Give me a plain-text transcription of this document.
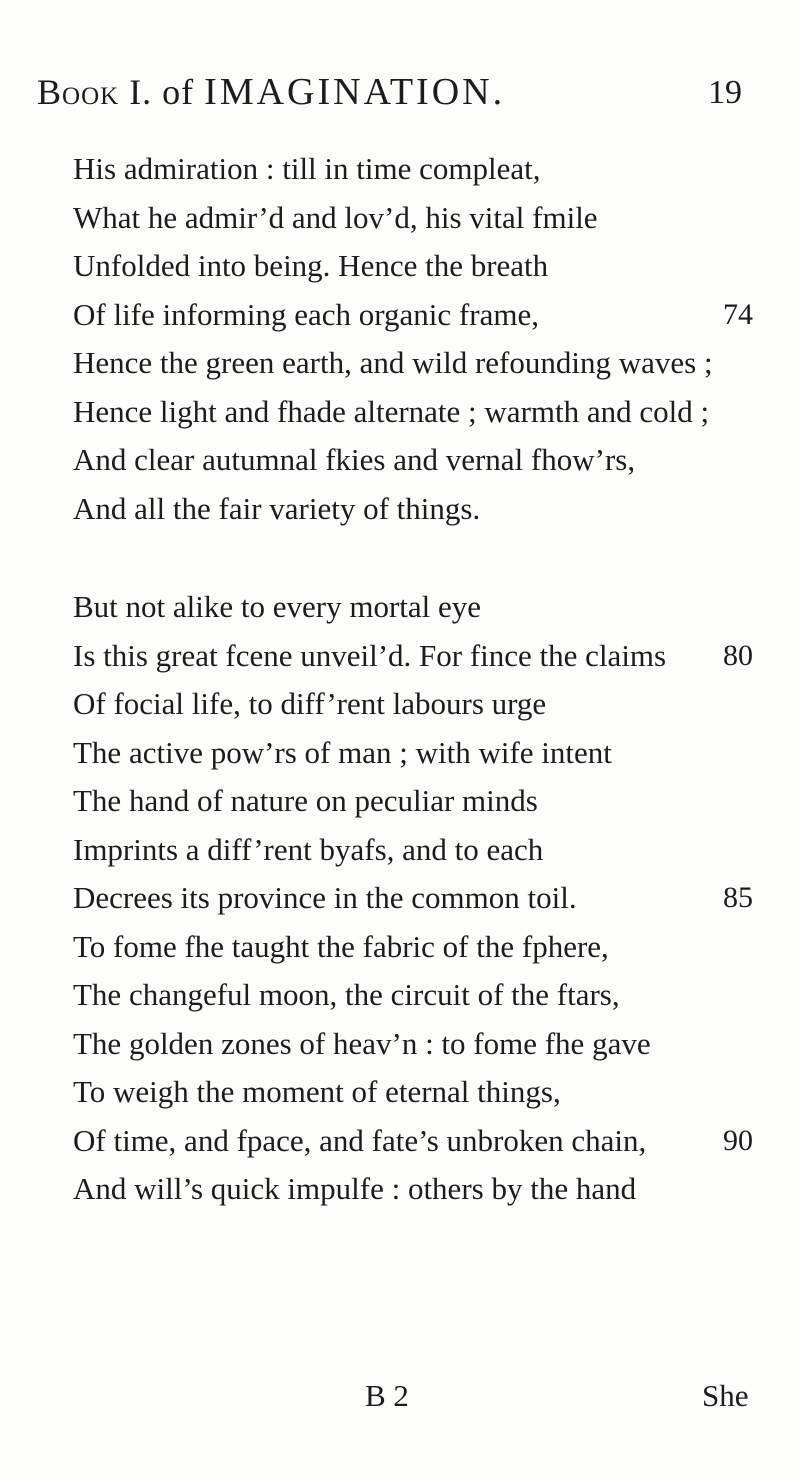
Book I. of IMAGINATION.	19
His admiration : till in time compleat,
What he admir’d and lov’d, his vital fmile
Unfolded into being. Hence the breath
Of life informing each organic frame,	74
Hence the green earth, and wild refounding waves ;
Hence light and fhade alternate ; warmth and cold ;
And clear autumnal fkies and vernal fhow’rs,
And all the fair variety of things.
But not alike to every mortal eye
Is this great fcene unveil’d. For fince the claims 80
Of focial life, to diff’rent labours urge
The active pow’rs of man ; with wife intent
The hand of nature on peculiar minds
Imprints a diff’rent byafs, and to each
Decrees its province in the common toil.	85
To fome fhe taught the fabric of the fphere,
The changeful moon, the circuit of the ftars,
The golden zones of heav’n : to fome fhe gave
To weigh the moment of eternal things,
Of time, and fpace, and fate’s unbroken chain,	90
And will’s quick impulfe : others by the hand
B 2	She
